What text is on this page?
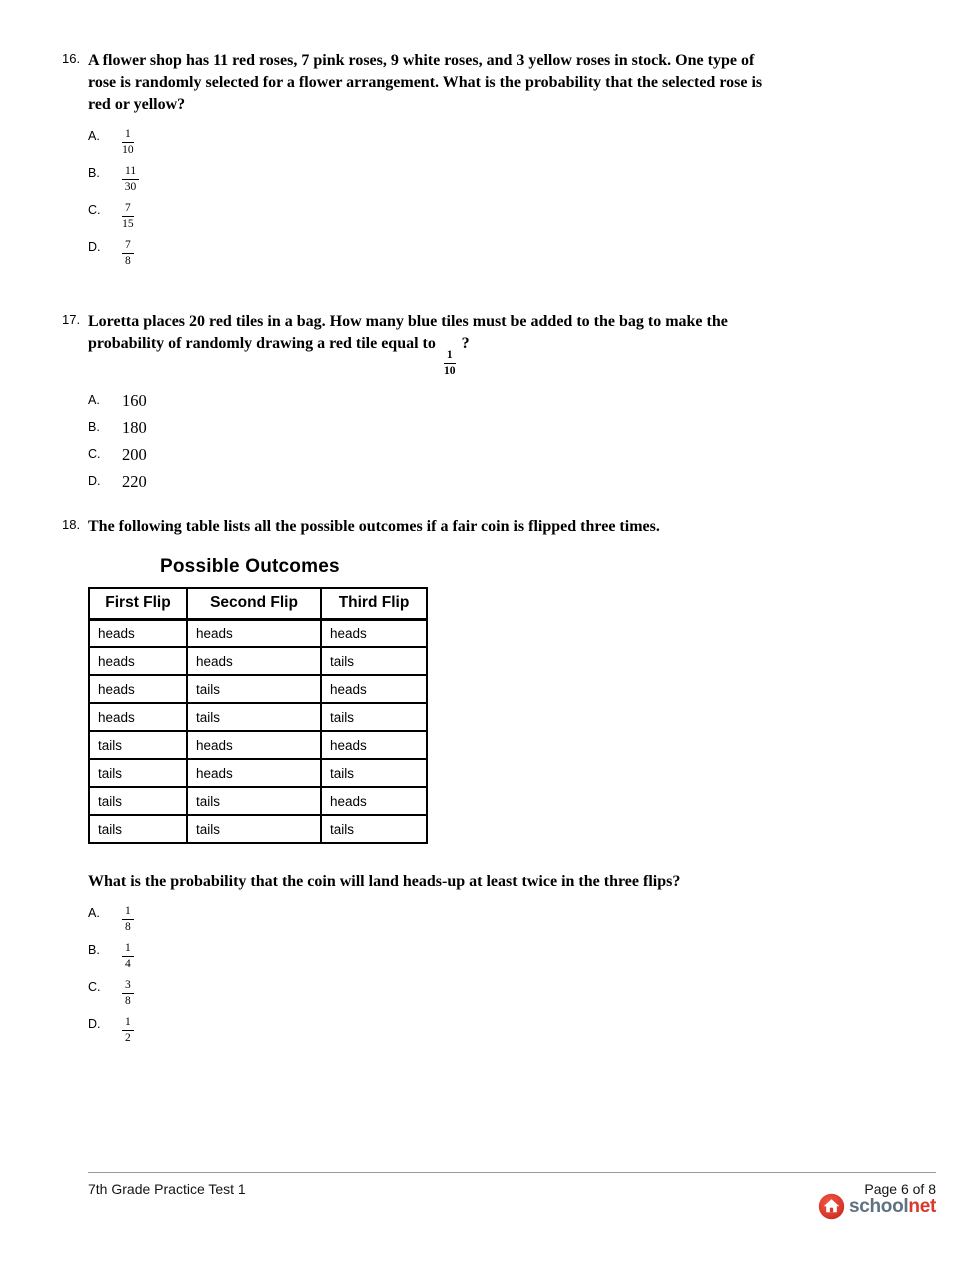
16. A flower shop has 11 red roses, 7 pink roses, 9 white roses, and 3 yellow roses in stock. One type of rose is randomly selected for a flower arrangement. What is the probability that the selected rose is red or yellow?
A.	$\frac{1}{10}$
B.	$\frac{11}{30}$
C.	$\frac{7}{15}$
D.	$\frac{7}{8}$
17. Loretta places 20 red tiles in a bag. How many blue tiles must be added to the bag to make the probability of randomly drawing a red tile equal to
$\frac{1}{10}$
?
A.	160
B.	180
C.	200
D.	220
18. The following table lists all the possible outcomes if a fair coin is flipped three times.
Possible Outcomes
First Flip	Second Flip	Third Flip
heads	heads	heads
heads	heads	tails
heads	tails	heads
heads	tails	tails
tails	heads	heads
tails	heads	tails
tails	tails	heads
tails	tails	tails
What is the probability that the coin will land heads-up at least twice in the three flips?
A.	$\frac{1}{8}$
B.	$\frac{1}{4}$
C.	$\frac{3}{8}$
D.	$\frac{1}{2}$
7th Grade Practice Test 1	Page 6 of 8
schoolnet
